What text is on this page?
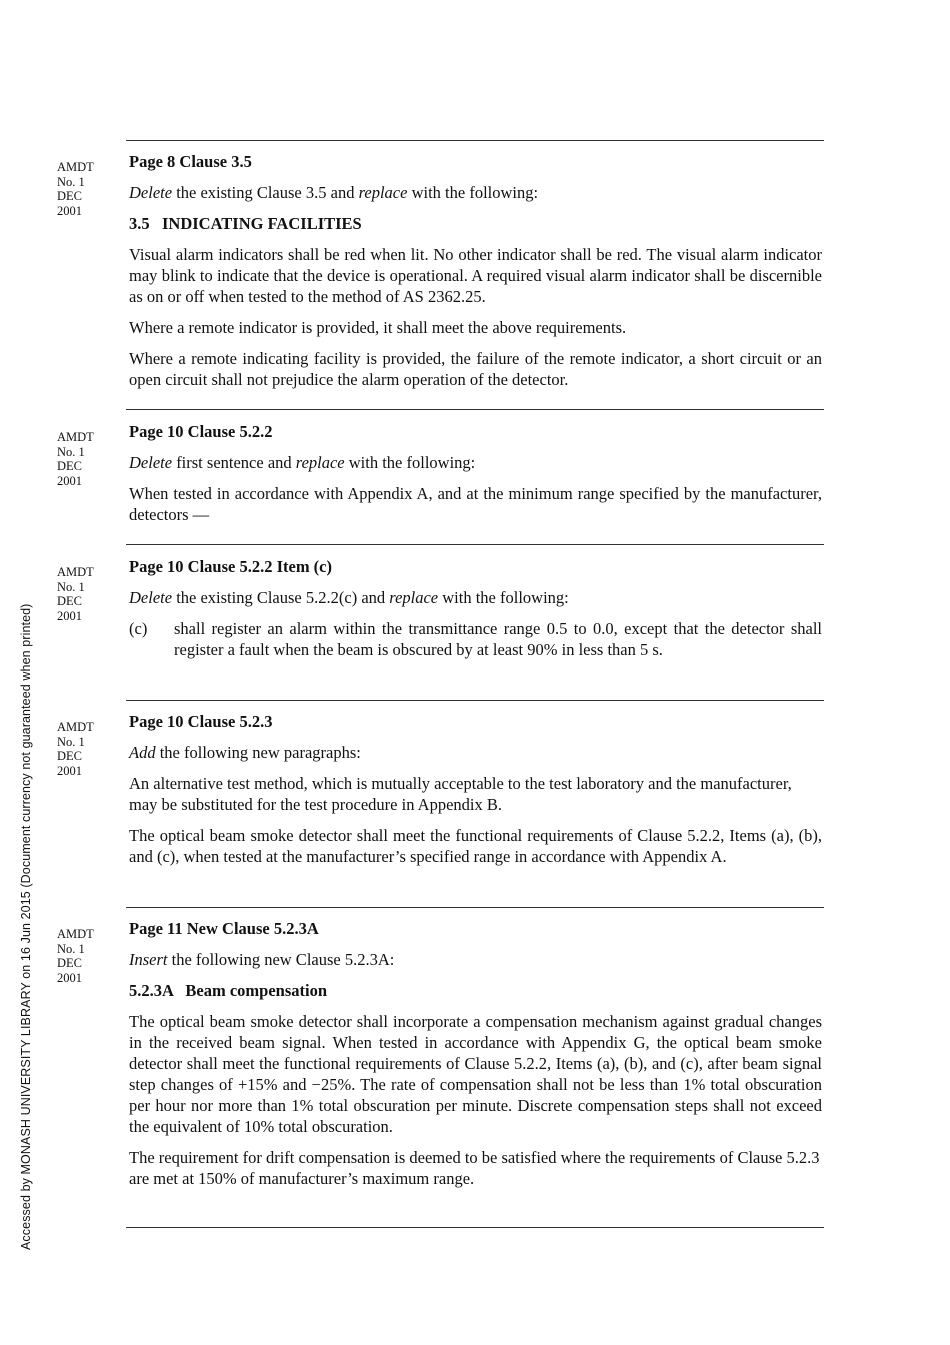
Accessed by MONASH UNIVERSITY LIBRARY on 16 Jun 2015 (Document currency not guaranteed when printed)
AMDT
No. 1
DEC
2001

Page 8 Clause 3.5

Delete the existing Clause 3.5 and replace with the following:

3.5   INDICATING FACILITIES

Visual alarm indicators shall be red when lit. No other indicator shall be red. The visual alarm indicator may blink to indicate that the device is operational. A required visual alarm indicator shall be discernible as on or off when tested to the method of AS 2362.25.

Where a remote indicator is provided, it shall meet the above requirements.

Where a remote indicating facility is provided, the failure of the remote indicator, a short circuit or an open circuit shall not prejudice the alarm operation of the detector.

AMDT
No. 1
DEC
2001

Page 10 Clause 5.2.2

Delete first sentence and replace with the following:

When tested in accordance with Appendix A, and at the minimum range specified by the manufacturer, detectors —

AMDT
No. 1
DEC
2001

Page 10 Clause 5.2.2 Item (c)

Delete the existing Clause 5.2.2(c) and replace with the following:

(c)	shall register an alarm within the transmittance range 0.5 to 0.0, except that the detector shall register a fault when the beam is obscured by at least 90% in less than 5 s.

AMDT
No. 1
DEC
2001

Page 10 Clause 5.2.3

Add the following new paragraphs:

An alternative test method, which is mutually acceptable to the test laboratory and the manufacturer, may be substituted for the test procedure in Appendix B.

The optical beam smoke detector shall meet the functional requirements of Clause 5.2.2, Items (a), (b), and (c), when tested at the manufacturer’s specified range in accordance with Appendix A.

AMDT
No. 1
DEC
2001

Page 11 New Clause 5.2.3A

Insert the following new Clause 5.2.3A:

5.2.3A   Beam compensation

The optical beam smoke detector shall incorporate a compensation mechanism against gradual changes in the received beam signal. When tested in accordance with Appendix G, the optical beam smoke detector shall meet the functional requirements of Clause 5.2.2, Items (a), (b), and (c), after beam signal step changes of +15% and −25%. The rate of compensation shall not be less than 1% total obscuration per hour nor more than 1% total obscuration per minute. Discrete compensation steps shall not exceed the equivalent of 10% total obscuration.

The requirement for drift compensation is deemed to be satisfied where the requirements of Clause 5.2.3 are met at 150% of manufacturer’s maximum range.
